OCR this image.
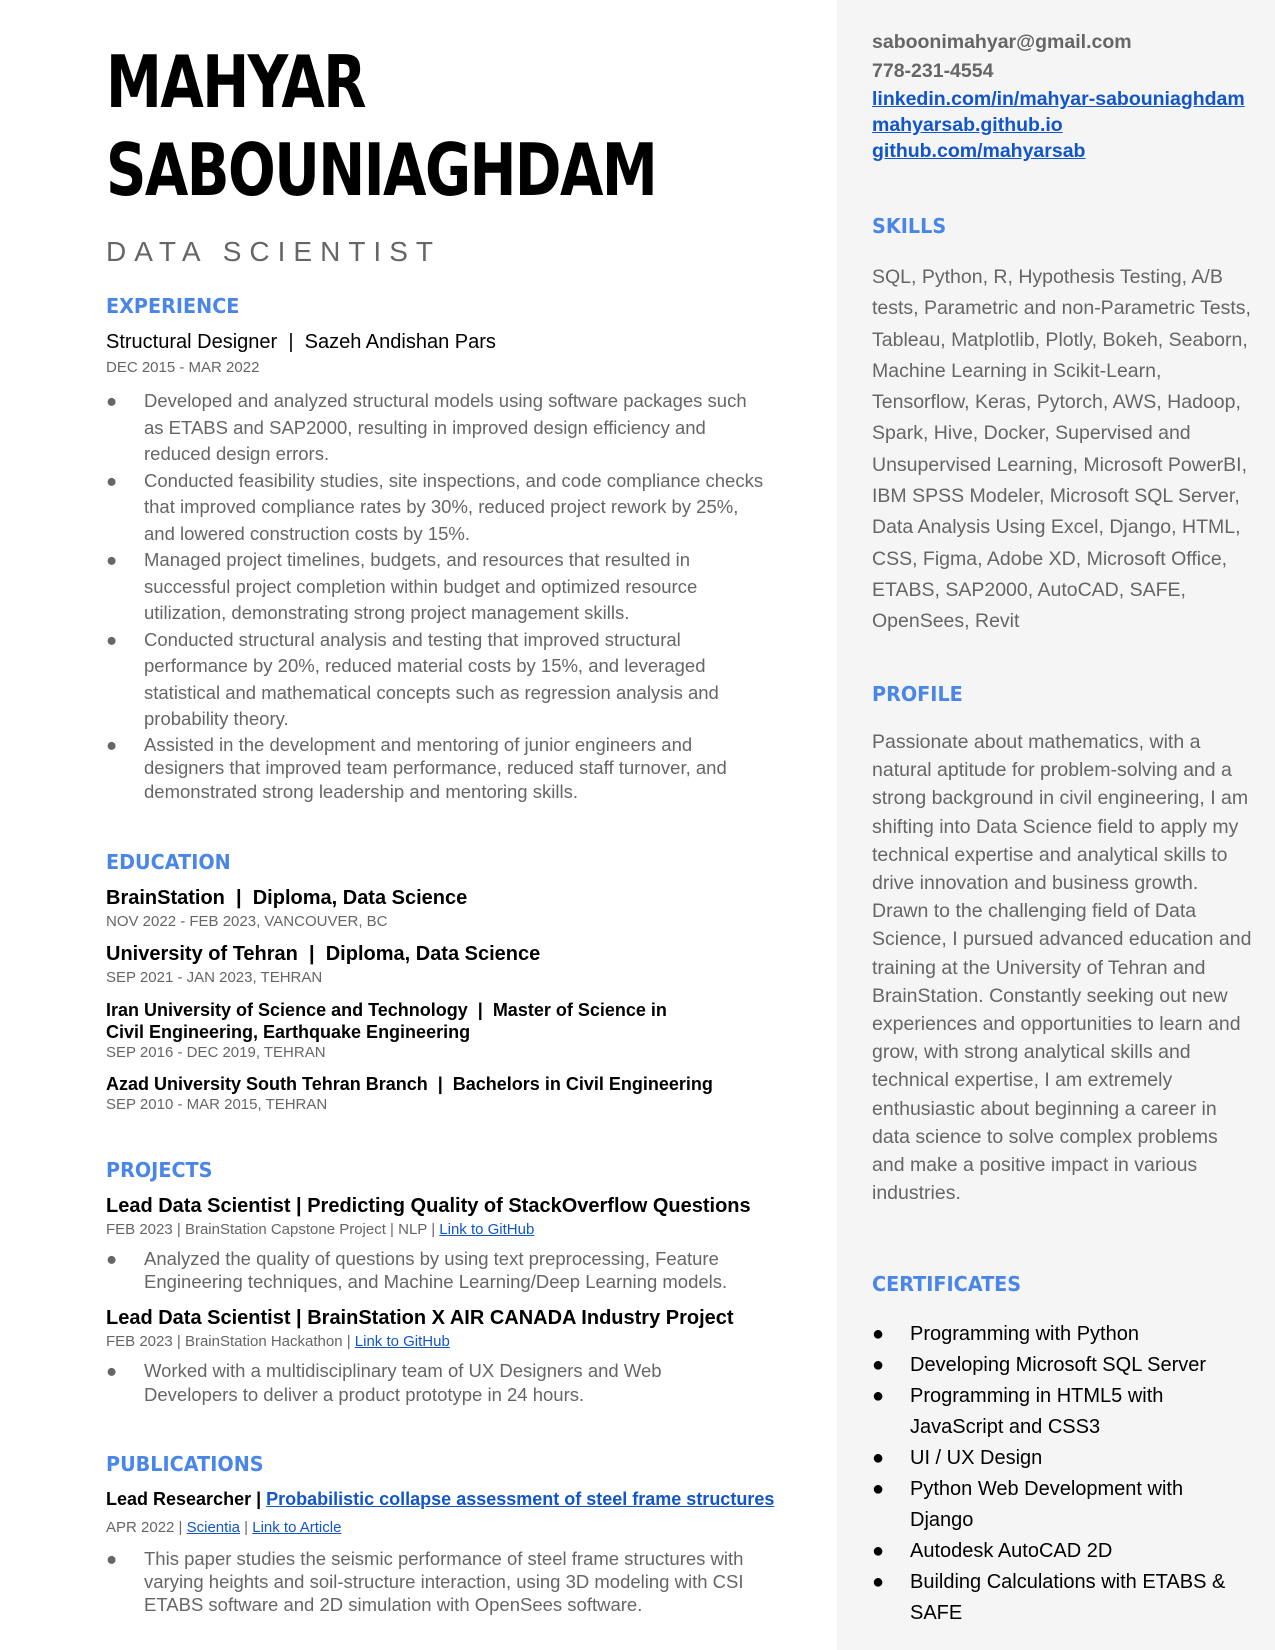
MAHYAR
SABOUNIAGHDAM
DATA SCIENTIST
EXPERIENCE

Structural Designer | Sazeh Andishan Pars

DEC 2015 - MAR 2022

● Developed and analyzed structural models using software packages such as ETABS and SAP2000, resulting in improved design efficiency and reduced design errors.
● Conducted feasibility studies, site inspections, and code compliance checks that improved compliance rates by 30%, reduced project rework by 25%, and lowered construction costs by 15%.
● Managed project timelines, budgets, and resources that resulted in successful project completion within budget and optimized resource utilization, demonstrating strong project management skills.
● Conducted structural analysis and testing that improved structural performance by 20%, reduced material costs by 15%, and leveraged statistical and mathematical concepts such as regression analysis and probability theory.
● Assisted in the development and mentoring of junior engineers and designers that improved team performance, reduced staff turnover, and demonstrated strong leadership and mentoring skills.
EDUCATION

BrainStation  |  Diploma, Data Science

NOV 2022 - FEB 2023, VANCOUVER, BC

University of Tehran  |  Diploma, Data Science

SEP 2021 - JAN 2023, TEHRAN

Iran University of Science and Technology  |  Master of Science in Civil Engineering, Earthquake Engineering

SEP 2016 - DEC 2019, TEHRAN

Azad University South Tehran Branch  |  Bachelors in Civil Engineering

SEP 2010 - MAR 2015, TEHRAN

PROJECTS

Lead Data Scientist | Predicting Quality of StackOverflow Questions

FEB 2023 | BrainStation Capstone Project | NLP | Link to GitHub

● Analyzed the quality of questions by using text preprocessing, Feature Engineering techniques, and Machine Learning/Deep Learning models.

Lead Data Scientist | BrainStation X AIR CANADA Industry Project

FEB 2023 | BrainStation Hackathon | Link to GitHub

● Worked with a multidisciplinary team of UX Designers and Web Developers to deliver a product prototype in 24 hours.
PUBLICATIONS

Lead Researcher | Probabilistic collapse assessment of steel frame structures

APR 2022 | Scientia | Link to Article

● This paper studies the seismic performance of steel frame structures with varying heights and soil-structure interaction, using 3D modeling with CSI ETABS software and 2D simulation with OpenSees software.
saboonimahyar@gmail.com
778-231-4554
linkedin.com/in/mahyar-sabouniaghdam
mahyarsab.github.io
github.com/mahyarsab
SKILLS

SQL, Python, R, Hypothesis Testing, A/B tests, Parametric and non-Parametric Tests, Tableau, Matplotlib, Plotly, Bokeh, Seaborn, Machine Learning in Scikit-Learn, Tensorflow, Keras, Pytorch, AWS, Hadoop, Spark, Hive, Docker, Supervised and Unsupervised Learning, Microsoft PowerBI, IBM SPSS Modeler, Microsoft SQL Server, Data Analysis Using Excel, Django, HTML, CSS, Figma, Adobe XD, Microsoft Office, ETABS, SAP2000, AutoCAD, SAFE, OpenSees, Revit

PROFILE

Passionate about mathematics, with a natural aptitude for problem-solving and a strong background in civil engineering, I am shifting into Data Science field to apply my technical expertise and analytical skills to drive innovation and business growth. Drawn to the challenging field of Data Science, I pursued advanced education and training at the University of Tehran and BrainStation. Constantly seeking out new experiences and opportunities to learn and grow, with strong analytical skills and technical expertise, I am extremely enthusiastic about beginning a career in data science to solve complex problems and make a positive impact in various industries.

CERTIFICATES
● Programming with Python
● Developing Microsoft SQL Server
● Programming in HTML5 with JavaScript and CSS3
● UI / UX Design
● Python Web Development with Django
● Autodesk AutoCAD 2D
● Building Calculations with ETABS & SAFE
